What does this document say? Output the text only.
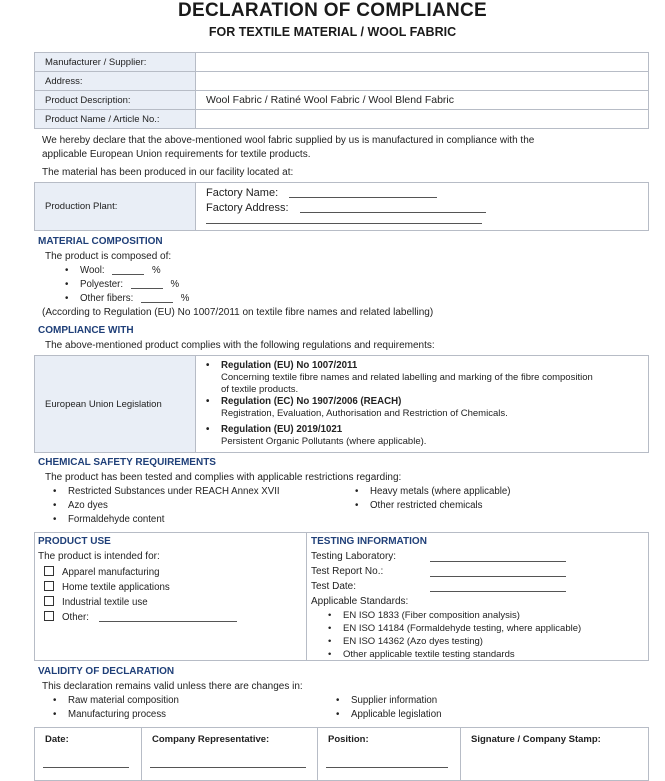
DECLARATION OF COMPLIANCE
FOR TEXTILE MATERIAL / WOOL FABRIC
Manufacturer / Supplier:	
Address:	
Product Description:	Wool Fabric / Ratiné Wool Fabric / Wool Blend Fabric
Product Name / Article No.:	
We hereby declare that the above-mentioned wool fabric supplied by us is manufactured in compliance with the
applicable European Union requirements for textile products.
The material has been produced in our facility located at:
Production Plant:	
Factory Name:
Factory Address:
MATERIAL COMPOSITION
The product is composed of:
• Wool:	%
• Polyester:	%
• Other fibers:	%
(According to Regulation (EU) No 1007/2011 on textile fibre names and related labelling)
COMPLIANCE WITH
The above-mentioned product complies with the following regulations and requirements:
European Union Legislation	
• Regulation (EU) No 1007/2011
Concerning textile fibre names and related labelling and marking of the fibre composition
of textile products.
• Regulation (EC) No 1907/2006 (REACH)
Registration, Evaluation, Authorisation and Restriction of Chemicals.
• Regulation (EU) 2019/1021
Persistent Organic Pollutants (where applicable).
CHEMICAL SAFETY REQUIREMENTS
The product has been tested and complies with applicable restrictions regarding:
• Restricted Substances under REACH Annex XVII
• Azo dyes
• Formaldehyde content
• Heavy metals (where applicable)
• Other restricted chemicals
PRODUCT USE
The product is intended for:
Apparel manufacturing
Home textile applications
Industrial textile use
Other:
TESTING INFORMATION
Testing Laboratory:
Test Report No.:
Test Date:
Applicable Standards:
• EN ISO 1833 (Fiber composition analysis)
• EN ISO 14184 (Formaldehyde testing, where applicable)
• EN ISO 14362 (Azo dyes testing)
• Other applicable textile testing standards
VALIDITY OF DECLARATION
This declaration remains valid unless there are changes in:
• Raw material composition
• Manufacturing process
• Supplier information
• Applicable legislation
Date:	Company Representative:	Position:	Signature / Company Stamp:
